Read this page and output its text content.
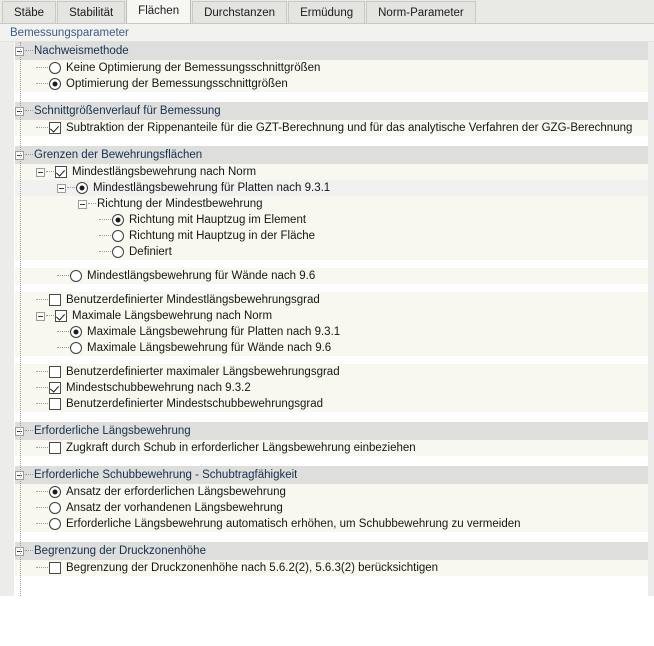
Stäbe	Stabilität	Flächen	Durchstanzen	Ermüdung	Norm-Parameter
Bemessungsparameter
Nachweismethode
Keine Optimierung der Bemessungsschnittgrößen
Optimierung der Bemessungsschnittgrößen
Schnittgrößenverlauf für Bemessung
Subtraktion der Rippenanteile für die GZT-Berechnung und für das analytische Verfahren der GZG-Berechnung
Grenzen der Bewehrungsflächen
Mindestlängsbewehrung nach Norm
Mindestlängsbewehrung für Platten nach 9.3.1
Richtung der Mindestbewehrung
Richtung mit Hauptzug im Element
Richtung mit Hauptzug in der Fläche
Definiert
Mindestlängsbewehrung für Wände nach 9.6
Benutzerdefinierter Mindestlängsbewehrungsgrad
Maximale Längsbewehrung nach Norm
Maximale Längsbewehrung für Platten nach 9.3.1
Maximale Längsbewehrung für Wände nach 9.6
Benutzerdefinierter maximaler Längsbewehrungsgrad
Mindestschubbewehrung nach 9.3.2
Benutzerdefinierter Mindestschubbewehrungsgrad
Erforderliche Längsbewehrung
Zugkraft durch Schub in erforderlicher Längsbewehrung einbeziehen
Erforderliche Schubbewehrung - Schubtragfähigkeit
Ansatz der erforderlichen Längsbewehrung
Ansatz der vorhandenen Längsbewehrung
Erforderliche Längsbewehrung automatisch erhöhen, um Schubbewehrung zu vermeiden
Begrenzung der Druckzonenhöhe
Begrenzung der Druckzonenhöhe nach 5.6.2(2), 5.6.3(2) berücksichtigen
